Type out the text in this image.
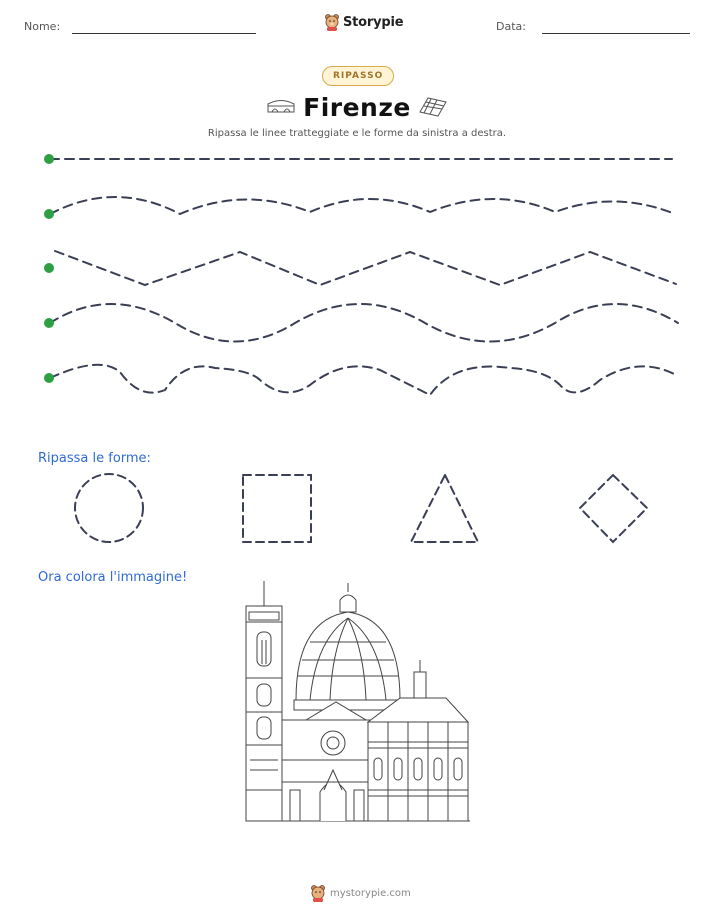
Nome:	Storypie	Data:
RIPASSO
Firenze
Ripassa le linee tratteggiate e le forme da sinistra a destra.
Ripassa le forme:
Ora colora l'immagine!
mystorypie.com
